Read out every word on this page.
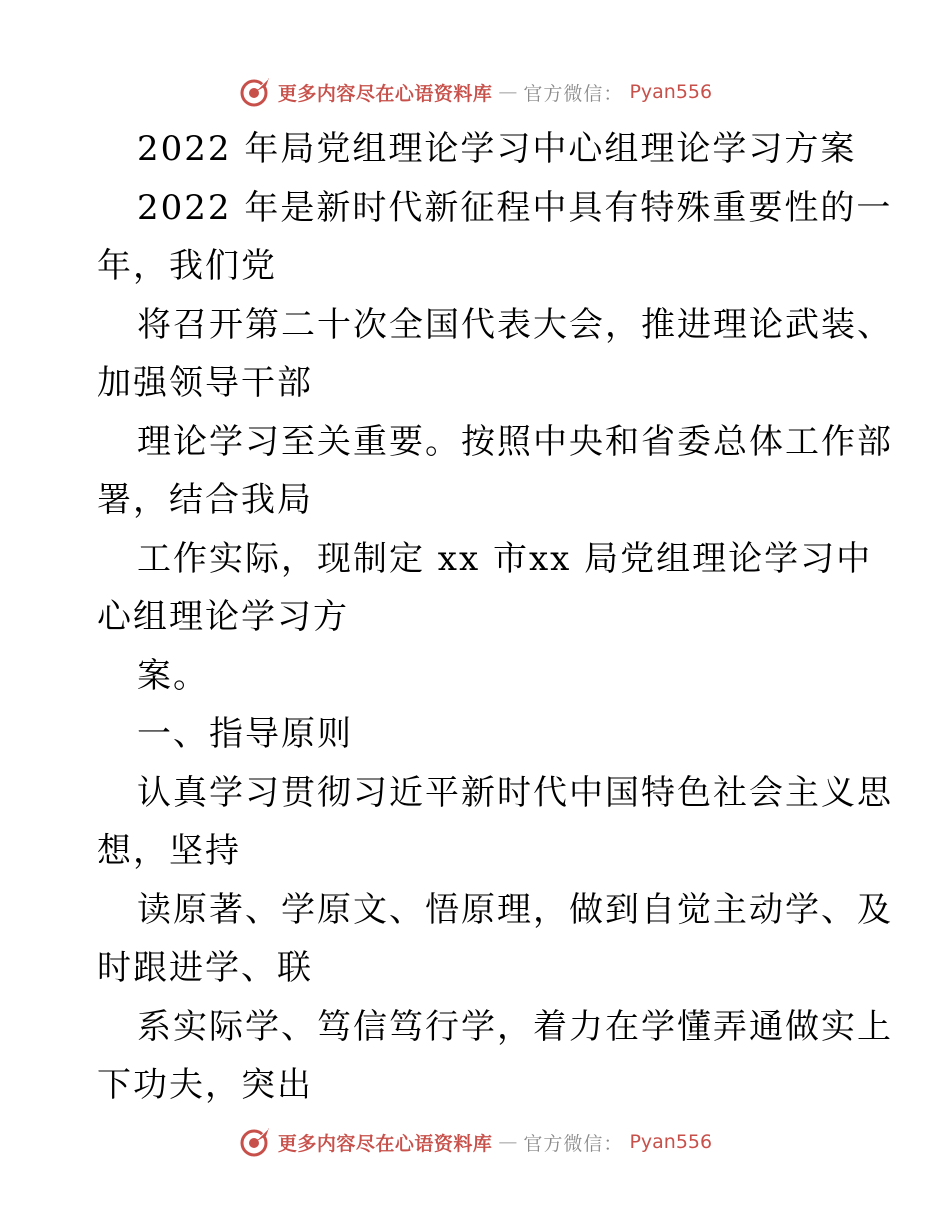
更多内容尽在心语资料库 — 官方微信： Pyan556
2022 年局党组理论学习中心组理论学习方案
2022 年是新时代新征程中具有特殊重要性的一
年，我们党
将召开第二十次全国代表大会，推进理论武装、
加强领导干部
理论学习至关重要。按照中央和省委总体工作部
署，结合我局
工作实际，现制定 xx 市xx 局党组理论学习中
心组理论学习方
案。
一、指导原则
认真学习贯彻习近平新时代中国特色社会主义思
想，坚持
读原著、学原文、悟原理，做到自觉主动学、及
时跟进学、联
系实际学、笃信笃行学，着力在学懂弄通做实上
下功夫，突出
更多内容尽在心语资料库 — 官方微信： Pyan556
